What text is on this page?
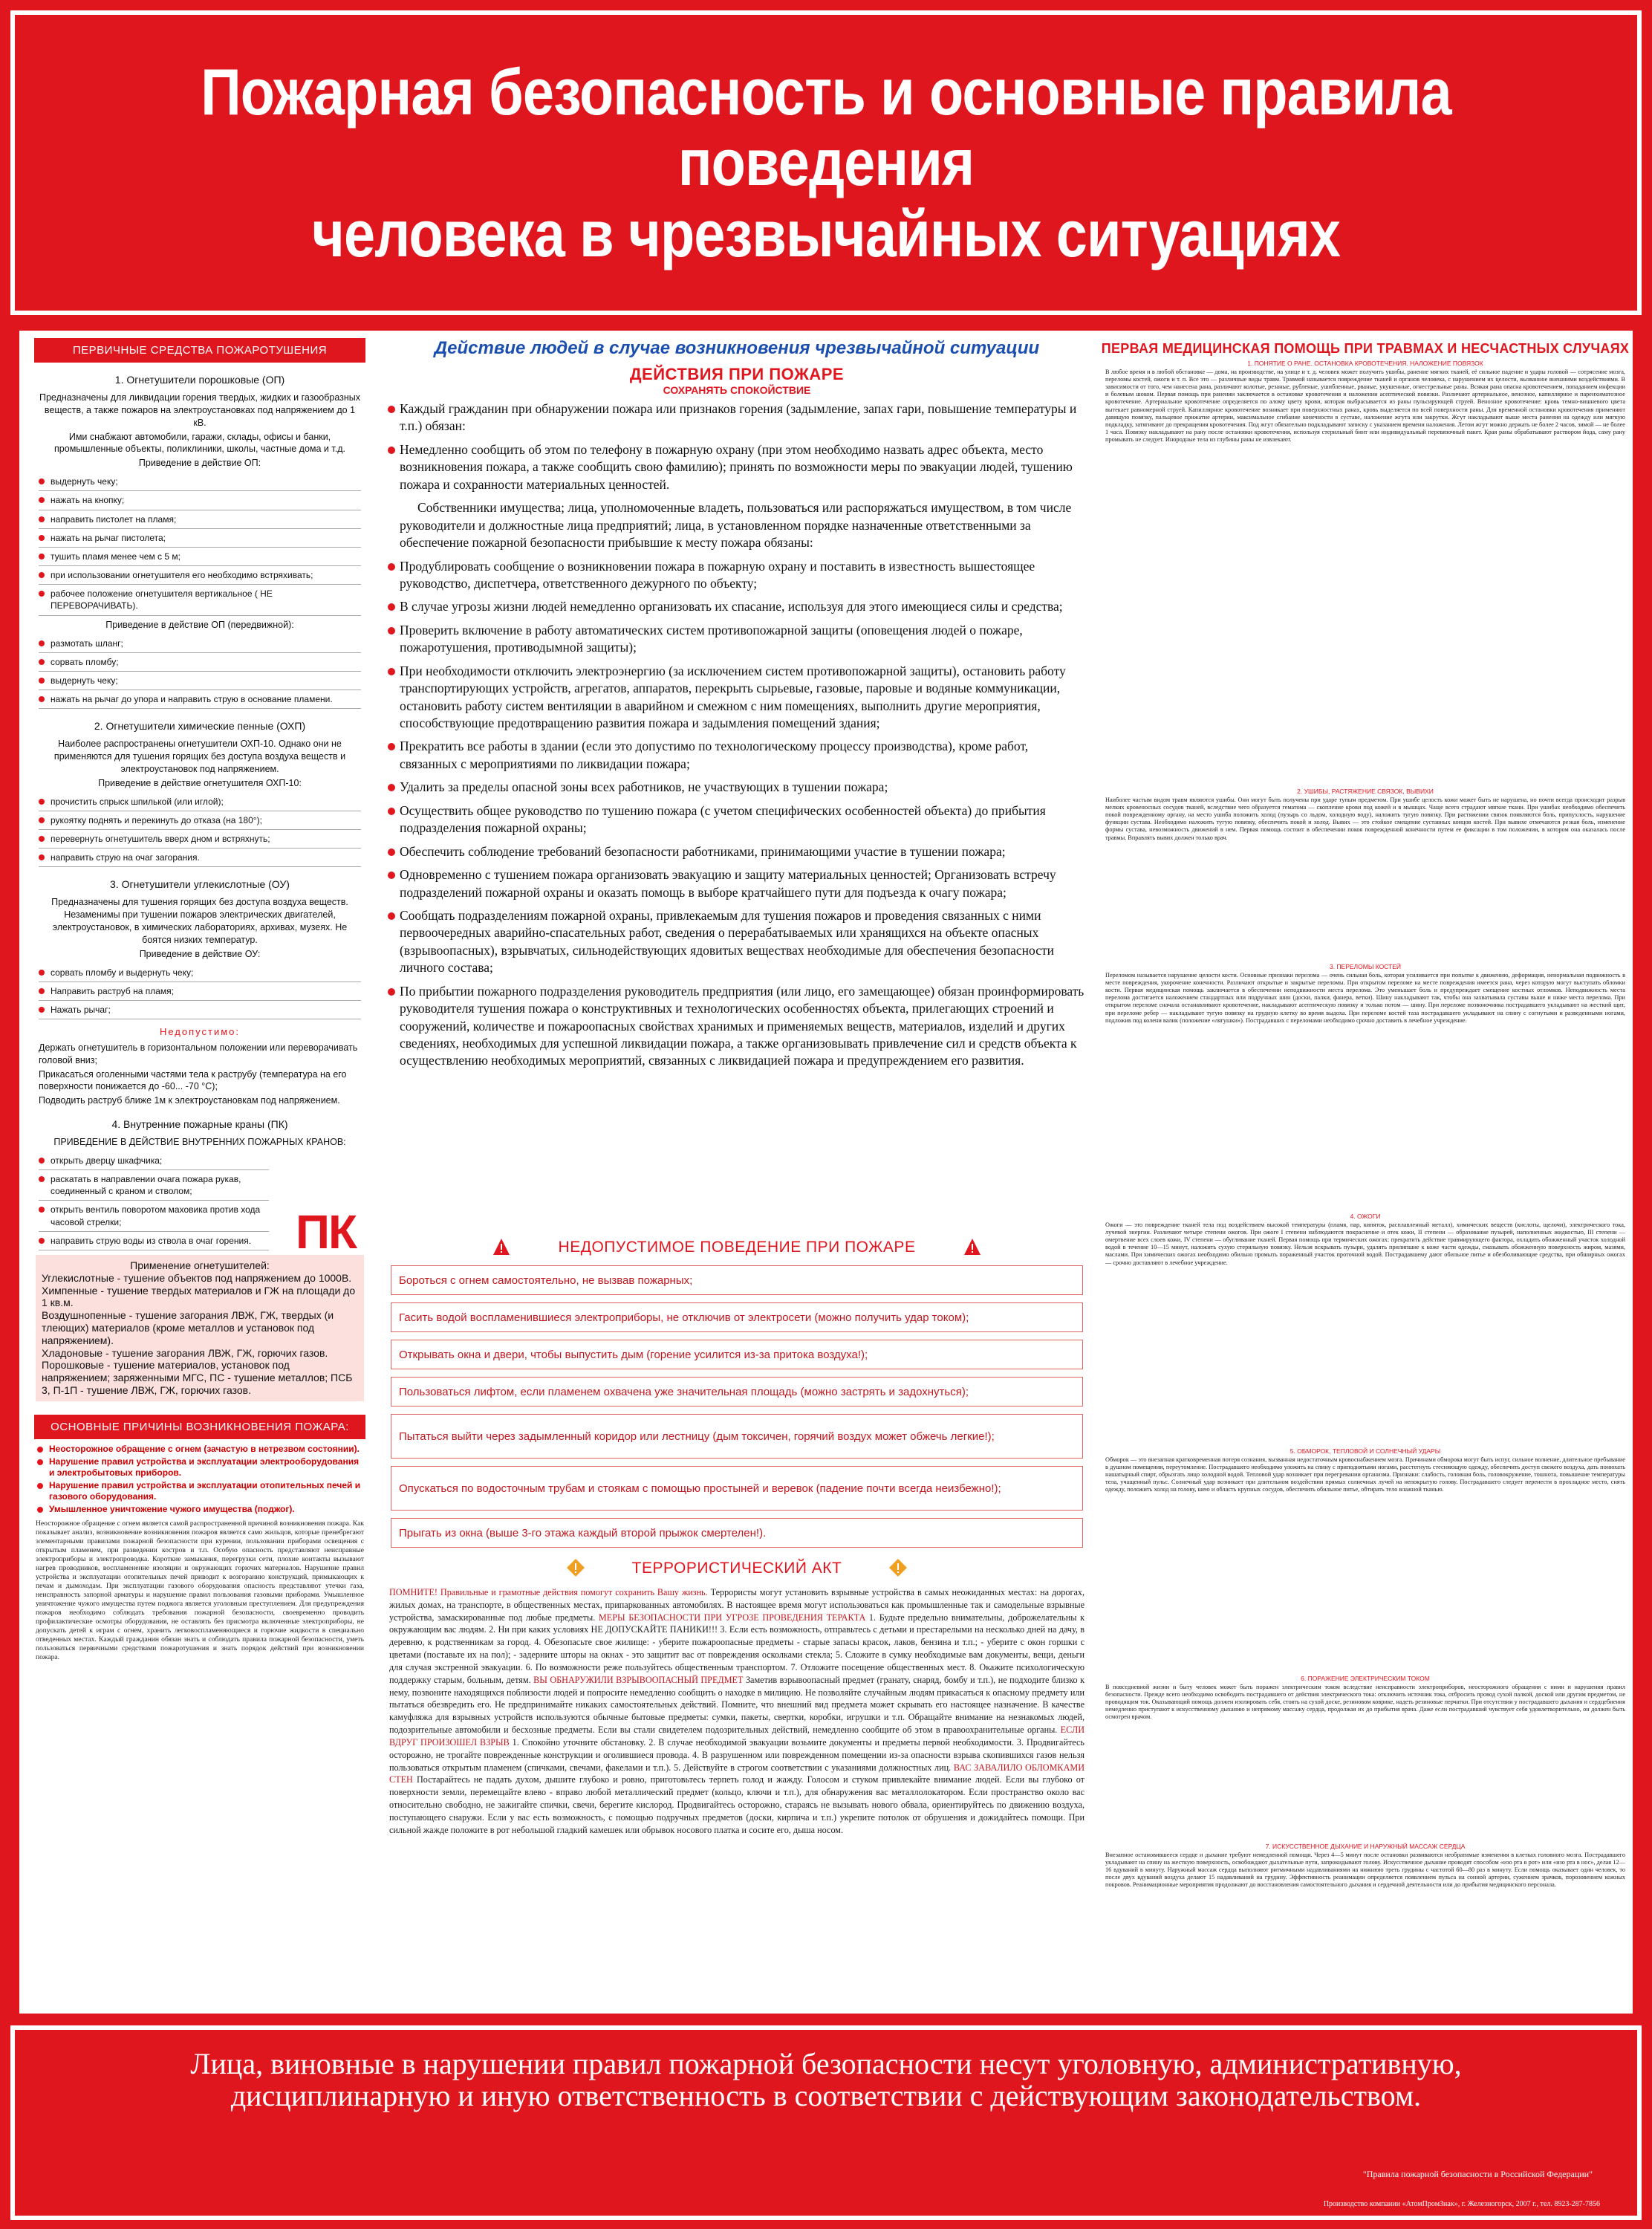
Пожарная безопасность и основные правила поведения
человека в чрезвычайных ситуациях
ПЕРВИЧНЫЕ СРЕДСТВА ПОЖАРОТУШЕНИЯ
1. Огнетушители порошковые (ОП)

Предназначены для ликвидации горения твердых, жидких и газообразных веществ, а также пожаров на электроустановках под напряжением до 1 кВ.

Ими снабжают автомобили, гаражи, склады, офисы и банки, промышленные объекты, поликлиники, школы, частные дома и т.д.

Приведение в действие ОП:

выдернуть чеку;
нажать на кнопку;
направить пистолет на пламя;
нажать на рычаг пистолета;
тушить пламя менее чем с 5 м;
при использовании огнетушителя его необходимо встряхивать;
рабочее положение огнетушителя вертикальное ( НЕ ПЕРЕВОРАЧИВАТЬ).

Приведение в действие ОП (передвижной):

размотать шланг;
сорвать пломбу;
выдернуть чеку;
нажать на рычаг до упора и направить струю в основание пламени.
2. Огнетушители химические пенные (ОХП)

Наиболее распространены огнетушители ОХП-10. Однако они не применяются для тушения горящих без доступа воздуха веществ и электроустановок под напряжением.

Приведение в действие огнетушителя ОХП-10:

прочистить спрыск шпилькой (или иглой);
рукоятку поднять и перекинуть до отказа (на 180°);
перевернуть огнетушитель вверх дном и встряхнуть;
направить струю на очаг загорания.
3. Огнетушители углекислотные (ОУ)

Предназначены для тушения горящих без доступа воздуха веществ. Незаменимы при тушении пожаров электрических двигателей, электроустановок, в химических лабораториях, архивах, музеях. Не боятся низких температур.

Приведение в действие ОУ:

сорвать пломбу и выдернуть чеку;
Направить раструб на пламя;
Нажать рычаг;
Недопустимо:

Держать огнетушитель в горизонтальном положении или переворачивать головой вниз;

Прикасаться оголенными частями тела к раструбу (температура на его поверхности понижается до -60... -70 °С);

Подводить раструб ближе 1м к электроустановкам под напряжением.

4. Внутренние пожарные краны (ПК)

ПРИВЕДЕНИЕ В ДЕЙСТВИЕ ВНУТРЕННИХ ПОЖАРНЫХ КРАНОВ:

открыть дверцу шкафчика;
раскатать в направлении очага пожара рукав, соединенный с краном и стволом;
открыть вентиль поворотом маховика против хода часовой стрелки;
направить струю воды из ствола в очаг горения. ПК
Применение огнетушителей:
Углекислотные - тушение объектов под напряжением до 1000В.
Химпенные - тушение твердых материалов и ГЖ на площади до 1 кв.м.
Воздушнопенные - тушение загорания ЛВЖ, ГЖ, твердых (и тлеющих) материалов (кроме металлов и установок под напряжением).
Хладоновые - тушение загорания ЛВЖ, ГЖ, горючих газов.
Порошковые - тушение материалов, установок под напряжением; заряженными МГС, ПС - тушение металлов; ПСБ 3, П-1П - тушение ЛВЖ, ГЖ, горючих газов.
ОСНОВНЫЕ ПРИЧИНЫ ВОЗНИКНОВЕНИЯ ПОЖАРА:
Неосторожное обращение с огнем (зачастую в нетрезвом состоянии).
Нарушение правил устройства и эксплуатации электрооборудования и электробытовых приборов.
Нарушение правил устройства и эксплуатации отопительных печей и газового оборудования.
Умышленное уничтожение чужого имущества (поджог).
Неосторожное обращение с огнем является самой распространенной причиной возникновения пожара. Как показывает анализ, возникновение возникновения пожаров является само жильцов, которые пренебрегают элементарными правилами пожарной безопасности при курении, пользовании приборами освещения с открытым пламенем, при разведении костров и т.п. Особую опасность представляют неисправные электроприборы и электропроводка. Короткие замыкания, перегрузки сети, плохие контакты вызывают нагрев проводников, воспламенение изоляции и окружающих горючих материалов. Нарушение правил устройства и эксплуатации отопительных печей приводит к возгоранию конструкций, примыкающих к печам и дымоходам. При эксплуатации газового оборудования опасность представляют утечки газа, неисправность запорной арматуры и нарушение правил пользования газовыми приборами. Умышленное уничтожение чужого имущества путем поджога является уголовным преступлением. Для предупреждения пожаров необходимо соблюдать требования пожарной безопасности, своевременно проводить профилактические осмотры оборудования, не оставлять без присмотра включенные электроприборы, не допускать детей к играм с огнем, хранить легковоспламеняющиеся и горючие жидкости в специально отведенных местах. Каждый гражданин обязан знать и соблюдать правила пожарной безопасности, уметь пользоваться первичными средствами пожаротушения и знать порядок действий при возникновении пожара.
Действие людей в случае возникновения чрезвычайной ситуации
ДЕЙСТВИЯ ПРИ ПОЖАРЕ
СОХРАНЯТЬ СПОКОЙСТВИЕ

Каждый гражданин при обнаружении пожара или признаков горения (задымление, запах гари, повышение температуры и т.п.) обязан:

Немедленно сообщить об этом по телефону в пожарную охрану (при этом необходимо назвать адрес объекта, место возникновения пожара, а также сообщить свою фамилию); принять по возможности меры по эвакуации людей, тушению пожара и сохранности материальных ценностей.

Собственники имущества; лица, уполномоченные владеть, пользоваться или распоряжаться имуществом, в том числе руководители и должностные лица предприятий; лица, в установленном порядке назначенные ответственными за обеспечение пожарной безопасности прибывшие к месту пожара обязаны:

Продублировать сообщение о возникновении пожара в пожарную охрану и поставить в известность вышестоящее руководство, диспетчера, ответственного дежурного по объекту;

В случае угрозы жизни людей немедленно организовать их спасание, используя для этого имеющиеся силы и средства;

Проверить включение в работу автоматических систем противопожарной защиты (оповещения людей о пожаре, пожаротушения, противодымной защиты);

При необходимости отключить электроэнергию (за исключением систем противопожарной защиты), остановить работу транспортирующих устройств, агрегатов, аппаратов, перекрыть сырьевые, газовые, паровые и водяные коммуникации, остановить работу систем вентиляции в аварийном и смежном с ним помещениях, выполнить другие мероприятия, способствующие предотвращению развития пожара и задымления помещений здания;

Прекратить все работы в здании (если это допустимо по технологическому процессу производства), кроме работ, связанных с мероприятиями по ликвидации пожара;

Удалить за пределы опасной зоны всех работников, не участвующих в тушении пожара;

Осуществить общее руководство по тушению пожара (с учетом специфических особенностей объекта) до прибытия подразделения пожарной охраны;

Обеспечить соблюдение требований безопасности работниками, принимающими участие в тушении пожара;

Одновременно с тушением пожара организовать эвакуацию и защиту материальных ценностей; Организовать встречу подразделений пожарной охраны и оказать помощь в выборе кратчайшего пути для подъезда к очагу пожара;

Сообщать подразделениям пожарной охраны, привлекаемым для тушения пожаров и проведения связанных с ними первоочередных аварийно-спасательных работ, сведения о перерабатываемых или хранящихся на объекте опасных (взрывоопасных), взрывчатых, сильнодействующих ядовитых веществах необходимые для обеспечения безопасности личного состава;

По прибытии пожарного подразделения руководитель предприятия (или лицо, его замещающее) обязан проинформировать руководителя тушения пожара о конструктивных и технологических особенностях объекта, прилегающих строений и сооружений, количестве и пожароопасных свойствах хранимых и применяемых веществ, материалов, изделий и других сведениях, необходимых для успешной ликвидации пожара, а также организовывать привлечение сил и средств объекта к осуществлению необходимых мероприятий, связанных с ликвидацией пожара и предупреждением его развития.

НЕДОПУСТИМОЕ ПОВЕДЕНИЕ ПРИ ПОЖАРЕ
Бороться с огнем самостоятельно, не вызвав пожарных;
Гасить водой воспламенившиеся электроприборы, не отключив от электросети (можно получить удар током);
Открывать окна и двери, чтобы выпустить дым (горение усилится из-за притока воздуха!);
Пользоваться лифтом, если пламенем охвачена уже значительная площадь (можно застрять и задохнуться);
Пытаться выйти через задымленный коридор или лестницу (дым токсичен, горячий воздух может обжечь легкие!);
Опускаться по водосточным трубам и стоякам с помощью простыней и веревок (падение почти всегда неизбежно!);
Прыгать из окна (выше 3-го этажа каждый второй прыжок смертелен!).
ТЕРРОРИСТИЧЕСКИЙ АКТ
ПОМНИТЕ! Правильные и грамотные действия помогут сохранить Вашу жизнь. Террористы могут установить взрывные устройства в самых неожиданных местах: на дорогах, жилых домах, на транспорте, в общественных местах, припаркованных автомобилях. В настоящее время могут использоваться как промышленные так и самодельные взрывные устройства, замаскированные под любые предметы. МЕРЫ БЕЗОПАСНОСТИ ПРИ УГРОЗЕ ПРОВЕДЕНИЯ ТЕРАКТА 1. Будьте предельно внимательны, доброжелательны к окружающим вас людям. 2. Ни при каких условиях НЕ ДОПУСКАЙТЕ ПАНИКИ!!! 3. Если есть возможность, отправьтесь с детьми и престарелыми на несколько дней на дачу, в деревню, к родственникам за город. 4. Обезопасьте свое жилище: - уберите пожароопасные предметы - старые запасы красок, лаков, бензина и т.п.; - уберите с окон горшки с цветами (поставьте их на пол); - задерните шторы на окнах - это защитит вас от повреждения осколками стекла; 5. Сложите в сумку необходимые вам документы, вещи, деньги для случая экстренной эвакуации. 6. По возможности реже пользуйтесь общественным транспортом. 7. Отложите посещение общественных мест. 8. Окажите психологическую поддержку старым, больным, детям. ВЫ ОБНАРУЖИЛИ ВЗРЫВООПАСНЫЙ ПРЕДМЕТ Заметив взрывоопасный предмет (гранату, снаряд, бомбу и т.п.), не подходите близко к нему, позвоните находящихся поблизости людей и попросите немедленно сообщить о находке в милицию. Не позволяйте случайным людям прикасаться к опасному предмету или пытаться обезвредить его. Не предпринимайте никаких самостоятельных действий. Помните, что внешний вид предмета может скрывать его настоящее назначение. В качестве камуфляжа для взрывных устройств используются обычные бытовые предметы: сумки, пакеты, свертки, коробки, игрушки и т.п. Обращайте внимание на незнакомых людей, подозрительные автомобили и бесхозные предметы. Если вы стали свидетелем подозрительных действий, немедленно сообщите об этом в правоохранительные органы. ЕСЛИ ВДРУГ ПРОИЗОШЕЛ ВЗРЫВ 1. Спокойно уточните обстановку. 2. В случае необходимой эвакуации возьмите документы и предметы первой необходимости. 3. Продвигайтесь осторожно, не трогайте поврежденные конструкции и оголившиеся провода. 4. В разрушенном или поврежденном помещении из-за опасности взрыва скопившихся газов нельзя пользоваться открытым пламенем (спичками, свечами, факелами и т.п.). 5. Действуйте в строгом соответствии с указаниями должностных лиц. ВАС ЗАВАЛИЛО ОБЛОМКАМИ СТЕН Постарайтесь не падать духом, дышите глубоко и ровно, приготовьтесь терпеть голод и жажду. Голосом и стуком привлекайте внимание людей. Если вы глубоко от поверхности земли, перемещайте влево - вправо любой металлический предмет (кольцо, ключи и т.п.), для обнаружения вас металлолокатором. Если пространство около вас относительно свободно, не зажигайте спички, свечи, берегите кислород. Продвигайтесь осторожно, стараясь не вызывать нового обвала, ориентируйтесь по движению воздуха, поступающего снаружи. Если у вас есть возможность, с помощью подручных предметов (доски, кирпича и т.п.) укрепите потолок от обрушения и дожидайтесь помощи. При сильной жажде положите в рот небольшой гладкий камешек или обрывок носового платка и сосите его, дыша носом.
ПЕРВАЯ МЕДИЦИНСКАЯ ПОМОЩЬ ПРИ ТРАВМАХ И НЕСЧАСТНЫХ СЛУЧАЯХ
1. ПОНЯТИЕ О РАНЕ. ОСТАНОВКА КРОВОТЕЧЕНИЯ. НАЛОЖЕНИЕ ПОВЯЗОК
В любое время и в любой обстановке — дома, на производстве, на улице и т. д. человек может получить ушибы, ранение мягких тканей, её сильное падение и удары головой — сотрясение мозга, переломы костей, ожоги и т. п. Все это — различные виды травм. Травмой называется повреждение тканей и органов человека, с нарушением их целости, вызванное внешними воздействиями. В зависимости от того, чем нанесена рана, различают колотые, резаные, рубленые, ушибленные, рваные, укушенные, огнестрельные раны. Всякая рана опасна кровотечением, попаданием инфекции и болевым шоком. Первая помощь при ранении заключается в остановке кровотечения и наложении асептической повязки. Различают артериальное, венозное, капиллярное и паренхиматозное кровотечение. Артериальное кровотечение определяется по алому цвету крови, которая выбрасывается из раны пульсирующей струей. Венозное кровотечение: кровь темно-вишневого цвета вытекает равномерной струей. Капиллярное кровотечение возникает при поверхностных ранах, кровь выделяется по всей поверхности раны. Для временной остановки кровотечения применяют давящую повязку, пальцевое прижатие артерии, максимальное сгибание конечности в суставе, наложение жгута или закрутки. Жгут накладывают выше места ранения на одежду или мягкую подкладку, затягивают до прекращения кровотечения. Под жгут обязательно подкладывают записку с указанием времени наложения. Летом жгут можно держать не более 2 часов, зимой — не более 1 часа. Повязку накладывают на рану после остановки кровотечения, используя стерильный бинт или индивидуальный перевязочный пакет. Края раны обрабатывают раствором йода, саму рану промывать не следует. Инородные тела из глубины раны не извлекают.
2. УШИБЫ, РАСТЯЖЕНИЕ СВЯЗОК, ВЫВИХИ
Наиболее частым видом травм являются ушибы. Они могут быть получены при ударе тупым предметом. При ушибе целость кожи может быть не нарушена, но почти всегда происходит разрыв мелких кровеносных сосудов тканей, вследствие чего образуется гематома — скопление крови под кожей и в мышцах. Чаще всего страдают мягкие ткани. При ушибах необходимо обеспечить покой поврежденному органу, на место ушиба положить холод (пузырь со льдом, холодную воду), наложить тугую повязку. При растяжении связок появляются боль, припухлость, нарушение функции сустава. Необходимо наложить тугую повязку, обеспечить покой и холод. Вывих — это стойкое смещение суставных концов костей. При вывихе отмечаются резкая боль, изменение формы сустава, невозможность движений в нем. Первая помощь состоит в обеспечении покоя поврежденной конечности путем ее фиксации в том положении, в котором она оказалась после травмы. Вправлять вывих должен только врач.
3. ПЕРЕЛОМЫ КОСТЕЙ
Переломом называется нарушение целости кости. Основные признаки перелома — очень сильная боль, которая усиливается при попытке к движению, деформация, ненормальная подвижность в месте повреждения, укорочение конечности. Различают открытые и закрытые переломы. При открытом переломе на месте повреждения имеется рана, через которую могут выступать обломки кости. Первая медицинская помощь заключается в обеспечении неподвижности места перелома. Это уменьшает боль и предупреждает смещение костных отломков. Неподвижность места перелома достигается наложением стандартных или подручных шин (доски, палки, фанера, ветки). Шину накладывают так, чтобы она захватывала суставы выше и ниже места перелома. При открытом переломе сначала останавливают кровотечение, накладывают асептическую повязку и только потом — шину. При переломе позвоночника пострадавшего укладывают на жесткий щит, при переломе ребер — накладывают тугую повязку на грудную клетку во время выдоха. При переломе костей таза пострадавшего укладывают на спину с согнутыми и разведенными ногами, подложив под колени валик (положение «лягушки»). Пострадавших с переломами необходимо срочно доставить в лечебное учреждение.
4. ОЖОГИ
Ожоги — это повреждение тканей тела под воздействием высокой температуры (пламя, пар, кипяток, расплавленный металл), химических веществ (кислоты, щелочи), электрического тока, лучевой энергии. Различают четыре степени ожогов. При ожоге I степени наблюдаются покраснение и отек кожи, II степени — образование пузырей, наполненных жидкостью, III степени — омертвение всех слоев кожи, IV степени — обугливание тканей. Первая помощь при термических ожогах: прекратить действие травмирующего фактора, охладить обожженный участок холодной водой в течение 10—15 минут, наложить сухую стерильную повязку. Нельзя вскрывать пузыри, удалять прилипшие к коже части одежды, смазывать обожженную поверхность жиром, мазями, маслами. При химических ожогах необходимо обильно промыть пораженный участок проточной водой. Пострадавшему дают обильное питье и обезболивающие средства, при обширных ожогах — срочно доставляют в лечебное учреждение.
5. ОБМОРОК, ТЕПЛОВОЙ И СОЛНЕЧНЫЙ УДАРЫ
Обморок — это внезапная кратковременная потеря сознания, вызванная недостаточным кровоснабжением мозга. Причинами обморока могут быть испуг, сильное волнение, длительное пребывание в душном помещении, переутомление. Пострадавшего необходимо уложить на спину с приподнятыми ногами, расстегнуть стесняющую одежду, обеспечить доступ свежего воздуха, дать понюхать нашатырный спирт, обрызгать лицо холодной водой. Тепловой удар возникает при перегревании организма. Признаки: слабость, головная боль, головокружение, тошнота, повышение температуры тела, учащенный пульс. Солнечный удар возникает при длительном воздействии прямых солнечных лучей на непокрытую голову. Пострадавшего следует перенести в прохладное место, снять одежду, положить холод на голову, шею и область крупных сосудов, обеспечить обильное питье, обтирать тело влажной тканью.
6. ПОРАЖЕНИЕ ЭЛЕКТРИЧЕСКИМ ТОКОМ
В повседневной жизни и быту человек может быть поражен электрическим током вследствие неисправности электроприборов, неосторожного обращения с ними и нарушения правил безопасности. Прежде всего необходимо освободить пострадавшего от действия электрического тока: отключить источник тока, отбросить провод сухой палкой, доской или другим предметом, не проводящим ток. Оказывающий помощь должен изолировать себя, стоять на сухой доске, резиновом коврике, надеть резиновые перчатки. При отсутствии у пострадавшего дыхания и сердцебиения немедленно приступают к искусственному дыханию и непрямому массажу сердца, продолжая их до прибытия врача. Даже если пострадавший чувствует себя удовлетворительно, он должен быть осмотрен врачом.
7. ИСКУССТВЕННОЕ ДЫХАНИЕ И НАРУЖНЫЙ МАССАЖ СЕРДЦА
Внезапное остановившееся сердце и дыхание требуют немедленной помощи. Через 4—5 минут после остановки развиваются необратимые изменения в клетках головного мозга. Пострадавшего укладывают на спину на жесткую поверхность, освобождают дыхательные пути, запрокидывают голову. Искусственное дыхание проводят способом «изо рта в рот» или «изо рта в нос», делая 12—16 вдуваний в минуту. Наружный массаж сердца выполняют ритмичными надавливаниями на нижнюю треть грудины с частотой 60—80 раз в минуту. Если помощь оказывает один человек, то после двух вдуваний воздуха делают 15 надавливаний на грудину. Эффективность реанимации определяется появлением пульса на сонной артерии, сужением зрачков, порозовением кожных покровов. Реанимационные мероприятия продолжают до восстановления самостоятельного дыхания и сердечной деятельности или до прибытия медицинского персонала.

Лица, виновные в нарушении правил пожарной безопасности несут уголовную, административную, дисциплинарную и иную ответственность в соответствии с действующим законодательством.

"Правила пожарной безопасности в Российской Федерации"
Производство компании «АтомПромЗнак», г. Железногорск, 2007 г., тел. 8923-287-7856
